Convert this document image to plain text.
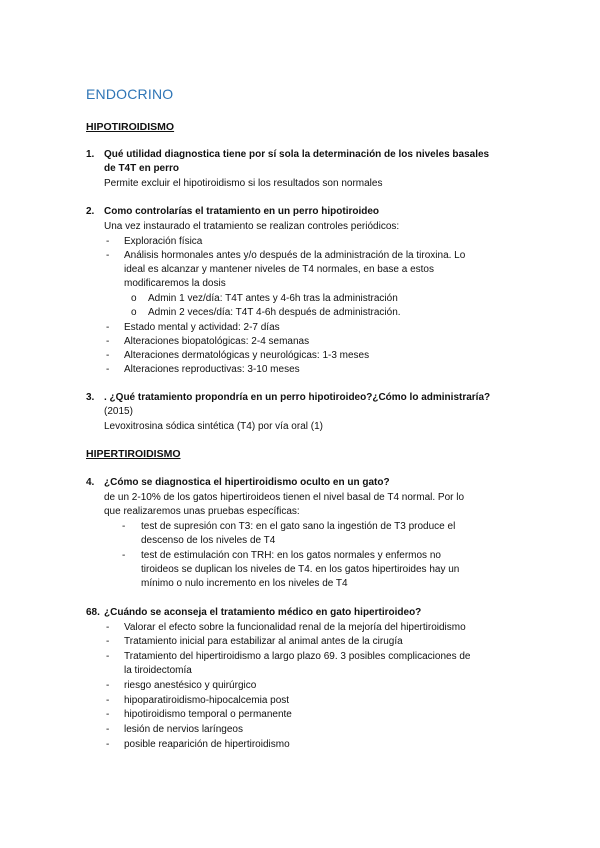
ENDOCRINO
HIPOTIROIDISMO
1. Qué utilidad diagnostica tiene por sí sola la determinación de los niveles basales
de T4T en perro
Permite excluir el hipotiroidismo si los resultados son normales
2. Como controlarías el tratamiento en un perro hipotiroideo
Una vez instaurado el tratamiento se realizan controles periódicos:
- Exploración física
- Análisis hormonales antes y/o después de la administración de la tiroxina. Lo
ideal es alcanzar y mantener niveles de T4 normales, en base a estos
modificaremos la dosis
o Admin 1 vez/día: T4T antes y 4-6h tras la administración
o Admin 2 veces/día: T4T 4-6h después de administración.
- Estado mental y actividad: 2-7 días
- Alteraciones biopatológicas: 2-4 semanas
- Alteraciones dermatológicas y neurológicas: 1-3 meses
- Alteraciones reproductivas: 3-10 meses
3. . ¿Qué tratamiento propondría en un perro hipotiroideo?¿Cómo lo administraría?
(2015)
Levoxitrosina sódica sintética (T4) por vía oral (1)
HIPERTIROIDISMO
4. ¿Cómo se diagnostica el hipertiroidismo oculto en un gato?
de un 2-10% de los gatos hipertiroideos tienen el nivel basal de T4 normal. Por lo
que realizaremos unas pruebas específicas:
- test de supresión con T3: en el gato sano la ingestión de T3 produce el
descenso de los niveles de T4
- test de estimulación con TRH: en los gatos normales y enfermos no
tiroideos se duplican los niveles de T4. en los gatos hipertiroides hay un
mínimo o nulo incremento en los niveles de T4
68. ¿Cuándo se aconseja el tratamiento médico en gato hipertiroideo?
- Valorar el efecto sobre la funcionalidad renal de la mejoría del hipertiroidismo
- Tratamiento inicial para estabilizar al animal antes de la cirugía
- Tratamiento del hipertiroidismo a largo plazo 69. 3 posibles complicaciones de
la tiroidectomía
- riesgo anestésico y quirúrgico
- hipoparatiroidismo-hipocalcemia post
- hipotiroidismo temporal o permanente
- lesión de nervios laríngeos
- posible reaparición de hipertiroidismo
